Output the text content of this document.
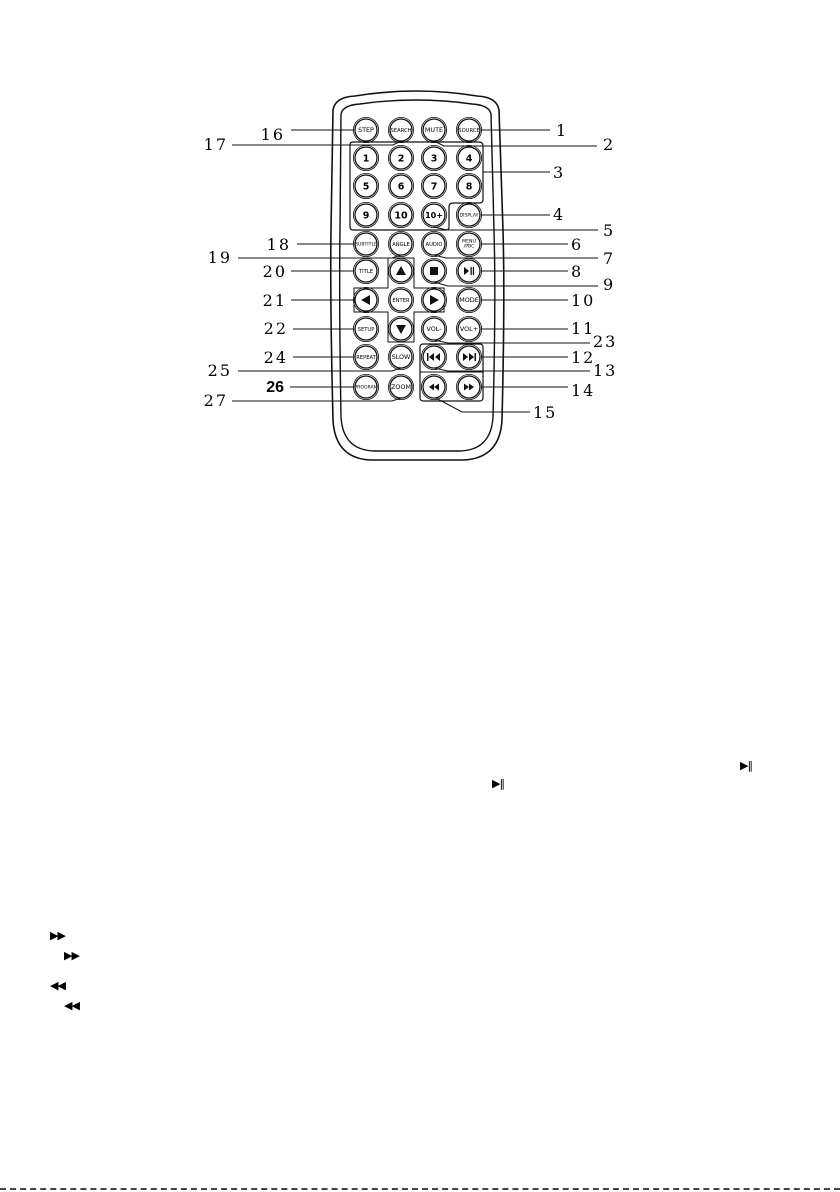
STEP	SEARCH MUTE	SOURCE
1	2	3	4
5	6	7	8
9	10 10+	DISPLAY
SUBTITLE	ANGLE	AUDIO	MENU /PBC
TITLE
ENTER	MODE
SETUP	VOL-	VOL+
REPEAT SLOW
PROGRAM ZOOM
1
2
3
4
5
6
7
8
9
10
11
12
13
14
15
16
17
18
19
20
21
22
23
24
25
26
27
▶‖
▶‖
▶▶
▶▶
◀◀
◀◀
